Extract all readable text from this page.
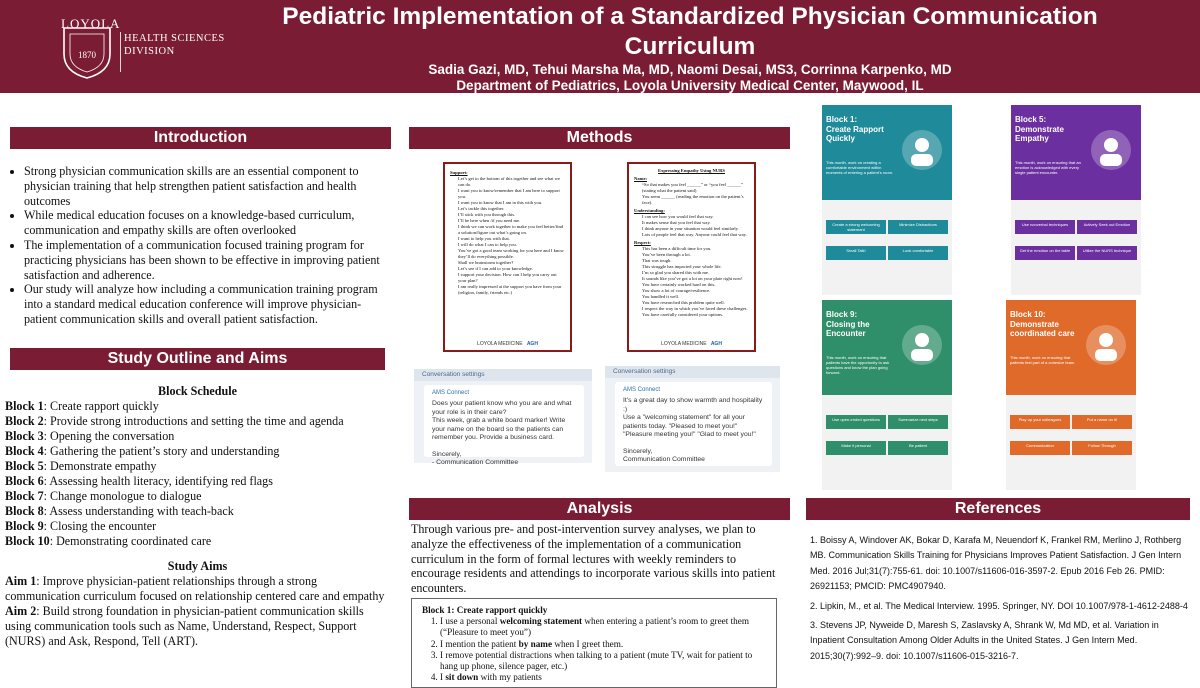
1870
LOYOLA
HEALTH SCIENCES
DIVISION
Pediatric Implementation of a Standardized Physician Communication Curriculum
Sadia Gazi, MD, Tehui Marsha Ma, MD, Naomi Desai, MS3, Corrinna Karpenko, MD
Department of Pediatrics, Loyola University Medical Center, Maywood, IL
Introduction
• Strong physician communication skills are an essential component to physician training that help strengthen patient satisfaction and health outcomes
• While medical education focuses on a knowledge-based curriculum, communication and empathy skills are often overlooked
• The implementation of a communication focused training program for practicing physicians has been shown to be effective in improving patient satisfaction and adherence.
• Our study will analyze how including a communication training program into a standard medical education conference will improve physician-patient communication skills and overall patient satisfaction.
Study Outline and Aims
Block Schedule
Block 1: Create rapport quickly
Block 2: Provide strong introductions and setting the time and agenda
Block 3: Opening the conversation
Block 4: Gathering the patient’s story and understanding
Block 5: Demonstrate empathy
Block 6: Assessing health literacy, identifying red flags
Block 7: Change monologue to dialogue
Block 8: Assess understanding with teach-back
Block 9: Closing the encounter
Block 10: Demonstrating coordinated care
Study Aims
Aim 1: Improve physician-patient relationships through a strong communication curriculum focused on relationship centered care and empathy
Aim 2: Build strong foundation in physician-patient communication skills using communication tools such as Name, Understand, Respect, Support (NURS) and Ask, Respond, Tell (ART).
Methods
Support:
Let’s get to the bottom of this together and see what we can do.
I want you to know/remember that I am here to support you.
I want you to know that I am in this with you.
Let’s tackle this together.
I’ll stick with you through this.
I’ll be here when /if you need me.
I think we can work together to make you feel better/find a solution/figure out what’s going on.
I want to help you with that.
I will do what I can to help you.
You’ve got a good team working for you here and I know they’ll do everything possible.
Shall we brainstorm together?
Let’s see if I can add to your knowledge.
I support your decision. How can I help you carry out your plan?
I am really impressed at the support you have from your (religion, family, friends etc.)
LOYOLA MEDICINE AGH
Expressing Empathy Using NURS
Name:
“So that makes you feel ______” or “you feel ______” (stating what the patient said)
You seem ______ (reading the emotion on the patient’s face).
Understanding:
I can see how you would feel that way.
It makes sense that you feel that way.
I think anyone in your situation would feel similarly.
Lots of people feel that way. Anyone could feel that way.
Respect:
This has been a difficult time for you.
You’ve been through a lot.
That was tough.
This struggle has impacted your whole life.
I’m so glad you shared this with me.
It sounds like you’ve got a lot on your plate right now!
You have certainly worked hard on this.
You show a lot of courage/resilience.
You handled it well.
You have researched this problem quite well.
I respect the way in which you’ve faced these challenges.
You have carefully considered your options.
LOYOLA MEDICINE AGH
Conversation settings
AMS Connect
Does your patient know who you are and what your role is in their care?
This week, grab a white board marker! Write your name on the board so the patients can remember you. Provide a business card.

Sincerely,
- Communication Committee
Conversation settings
AMS Connect
It’s a great day to show warmth and hospitality :)
Use a "welcoming statement" for all your patients today. "Pleased to meet you!" "Pleasure meeting you!" "Glad to meet you!"

Sincerely,
Communication Committee
Block 1:
Create Rapport
Quickly
This month, work on creating a comfortable environment within moments of entering a patient’s room.
Create a strong welcoming statement
Minimize Distractions
Small Talk!	Look comfortable
Block 5:
Demonstrate
Empathy
This month, work on ensuring that an emotion is acknowledged with every single patient encounter.
Use nonverbal techniques	Actively Seek out Emotion
Get the emotion on the table	Utilize the NURS technique
Block 9:
Closing the
Encounter
This month, work on ensuring that patients have the opportunity to ask questions and know the plan going forward.
Use open-ended questions	Summarize next steps
Make it personal	Be patient
Block 10:
Demonstrate
coordinated care
This month, work on ensuring that patients feel part of a cohesive team.
Play up your colleagues	Put a name on it!
Communication	Follow Through
Analysis
Through various pre- and post-intervention survey analyses, we plan to analyze the effectiveness of the implementation of a communication curriculum in the form of formal lectures with weekly reminders to encourage residents and attendings to incorporate various skills into patient encounters.
Block 1: Create rapport quickly
1. I use a personal welcoming statement when entering a patient’s room to greet them (“Pleasure to meet you”)
2. I mention the patient by name when I greet them.
3. I remove potential distractions when talking to a patient (mute TV, wait for patient to hang up phone, silence pager, etc.)
4. I sit down with my patients
References
1. Boissy A, Windover AK, Bokar D, Karafa M, Neuendorf K, Frankel RM, Merlino J, Rothberg MB. Communication Skills Training for Physicians Improves Patient Satisfaction. J Gen Intern Med. 2016 Jul;31(7):755-61. doi: 10.1007/s11606-016-3597-2. Epub 2016 Feb 26. PMID: 26921153; PMCID: PMC4907940.
2. Lipkin, M., et al. The Medical Interview. 1995. Springer, NY. DOI 10.1007/978-1-4612-2488-4
3. Stevens JP, Nyweide D, Maresh S, Zaslavsky A, Shrank W, Md MD, et al. Variation in Inpatient Consultation Among Older Adults in the United States. J Gen Intern Med. 2015;30(7):992–9. doi: 10.1007/s11606-015-3216-7.
